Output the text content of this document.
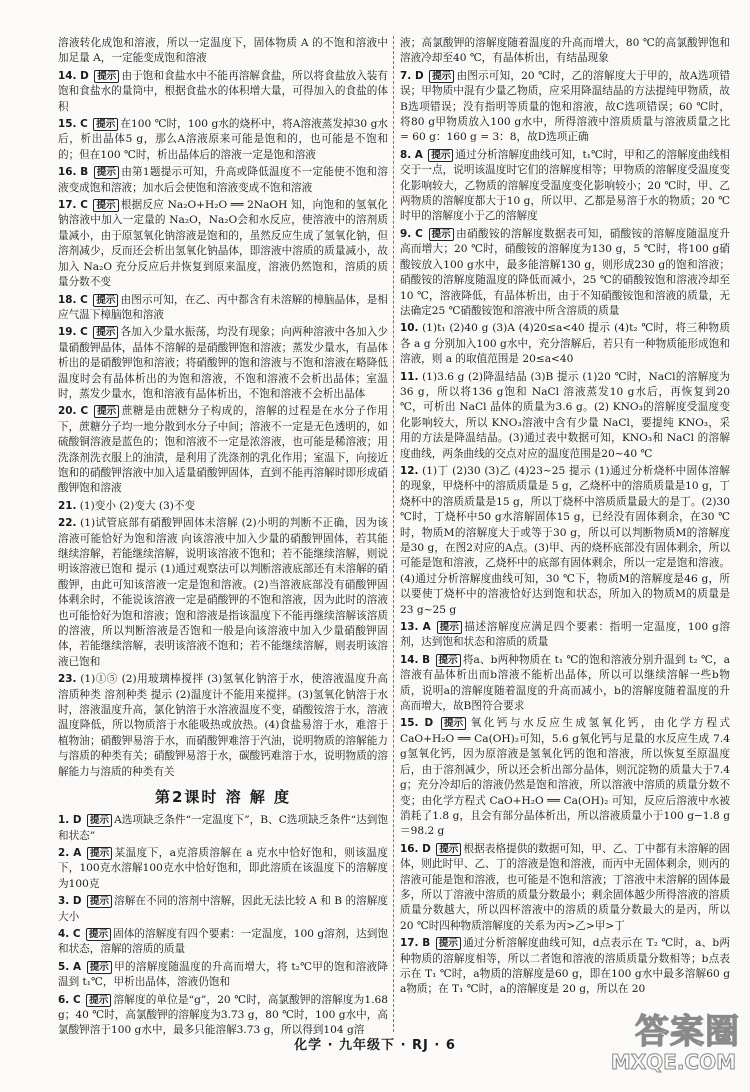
溶液转化成饱和溶液，所以一定温度下，固体物质 A 的不饱和溶液中加足量 A，一定能变成饱和溶液
14. D 提示 由于饱和食盐水中不能再溶解食盐，所以将食盐放入装有饱和食盐水的量筒中，根据食盐水的体积增大量，可得加入的食盐的体积
15. C 提示 在100 ℃时，100 g水的烧杯中，将A溶液蒸发掉30 g水后，析出晶体5 g，那么A溶液原来可能是饱和的，也可能是不饱和的；但在100 ℃时，析出晶体后的溶液一定是饱和溶液
16. B 提示 由第1题提示可知，升高或降低温度不一定能使不饱和溶液变成饱和溶液；加水后会使饱和溶液变成不饱和溶液
17. C 提示 根据反应 Na₂O+H₂O ══ 2NaOH 知，向饱和的氢氧化钠溶液中加入一定量的 Na₂O，Na₂O会和水反应，使溶液中的溶剂质量减小，由于原氢氧化钠溶液是饱和的，虽然反应生成了氢氧化钠，但溶剂减少，反而还会析出氢氧化钠晶体，即溶液中溶质的质量减小，故加入 Na₂O 充分反应后并恢复到原来温度，溶液仍然饱和，溶质的质量分数不变
18. C 提示 由图示可知，在乙、丙中都含有未溶解的樟脑晶体，是相应气温下樟脑饱和溶液
19. C 提示 各加入少量水振荡，均没有现象；向两种溶液中各加入少量硝酸钾晶体，晶体不溶解的是硝酸钾饱和溶液；蒸发少量水，有晶体析出的是硝酸钾饱和溶液；将硝酸钾的饱和溶液与不饱和溶液在略降低温度时会有晶体析出的为饱和溶液，不饱和溶液不会析出晶体；室温时，蒸发少量水，饱和溶液有晶体析出，不饱和溶液不会析出晶体
20. C 提示 蔗糖是由蔗糖分子构成的，溶解的过程是在水分子作用下，蔗糖分子均一地分散到水分子中间；溶液不一定是无色透明的，如硫酸铜溶液是蓝色的；饱和溶液不一定是浓溶液，也可能是稀溶液；用洗涤剂洗衣服上的油渍，是利用了洗涤剂的乳化作用；室温下，向接近饱和的硝酸钾溶液中加入适量硝酸钾固体，直到不能再溶解时即形成硝酸钾饱和溶液
21. (1)变小 (2)变大 (3)不变
22. (1)试管底部有硝酸钾固体未溶解 (2)小明的判断不正确，因为该溶液可能恰好为饱和溶液 向该溶液中加入少量的硝酸钾固体，若其能继续溶解，若能继续溶解，说明该溶液不饱和；若不能继续溶解，则说明该溶液已饱和 提示 (1)通过观察法可以判断溶液底部还有未溶解的硝酸钾，由此可知该溶液一定是饱和溶液。(2)当溶液底部没有硝酸钾固体剩余时，不能说该溶液一定是硝酸钾的不饱和溶液，因为此时的溶液也可能恰好为饱和溶液；饱和溶液是指该温度下不能再继续溶解该溶质的溶液，所以判断溶液是否饱和一般是向该溶液中加入少量硝酸钾固体，若能继续溶解，表明该溶液不饱和；若不能继续溶解，则表明该溶液已饱和
23. (1)①⑤ (2)用玻璃棒搅拌 (3)氢氧化钠溶于水，使溶液温度升高 溶质种类 溶剂种类 提示 (2)温度计不能用来搅拌。(3)氢氧化钠溶于水时，溶液温度升高，氯化钠溶于水溶液温度不变，硝酸铵溶于水，溶液温度降低，所以物质溶于水能吸热或放热。(4)食盐易溶于水，难溶于植物油；硝酸钾易溶于水，而硝酸钾难溶于汽油，说明物质的溶解能力与溶质的种类有关；硝酸钾易溶于水，碳酸钙难溶于水，说明物质的溶解能力与溶质的种类有关
第2课时 溶 解 度
1. D 提示 A选项缺乏条件“一定温度下”，B、C选项缺乏条件“达到饱和状态”
2. A 提示 某温度下，a克溶质溶解在 a 克水中恰好饱和，则该温度下，100克水溶解100克水中恰好饱和，即此溶质在该温度下的溶解度为100克
3. D 提示 溶解在不同的溶剂中溶解，因此无法比较 A 和 B 的溶解度大小
4. C 提示 固体的溶解度有四个要素：一定温度，100 g溶剂，达到饱和状态，溶解的溶质的质量
5. A 提示 甲的溶解度随温度的升高而增大，将 t₂℃甲的饱和溶液降温到 t₁℃，甲析出晶体，溶液仍饱和
6. C 提示 溶解度的单位是“g”，20 ℃时，高氯酸钾的溶解度为1.68 g；40 ℃时，高氯酸钾的溶解度为3.73 g，80 ℃时，100 g水中，高氯酸钾溶于100 g水中，最多只能溶解3.73 g，所以得到104 g溶
液；高氯酸钾的溶解度随着温度的升高而增大，80 ℃的高氯酸钾饱和溶液冷却至40 ℃，有晶体析出，有结晶现象
7. D 提示 由图示可知，20 ℃时，乙的溶解度大于甲的，故A选项错误；甲物质中混有少量乙物质，应采用降温结晶的方法提纯甲物质，故B选项错误；没有指明等质量的饱和溶液，故C选项错误；60 ℃时，将80 g甲物质放入100 g水中，所得溶液中溶质质量与溶液质量之比 = 60 g：160 g = 3：8，故D选项正确
8. A 提示 通过分析溶解度曲线可知，t₁℃时，甲和乙的溶解度曲线相交于一点，说明该温度时它们的溶解度相等；甲物质的溶解度受温度变化影响较大，乙物质的溶解度受温度变化影响较小；20 ℃时，甲、乙两物质的溶解度都大于10 g，所以甲、乙都是易溶于水的物质；20 ℃时甲的溶解度小于乙的溶解度
9. C 提示 由硝酸铵的溶解度数据表可知，硝酸铵的溶解度随温度升高而增大；20 ℃时，硝酸铵的溶解度为130 g，5 ℃时，将100 g硝酸铵放入100 g水中，最多能溶解130 g，则形成230 g的饱和溶液；硝酸铵的溶解度随温度的降低而减小，25 ℃的硝酸铵饱和溶液冷却至10 ℃，溶液降低，有晶体析出，由于不知硝酸铵饱和溶液的质量，无法确定25 ℃硝酸铵饱和溶液中所含溶质的质量
10. (1)t₁ (2)40 g (3)A (4)20≤a<40 提示 (4)t₂ ℃时，将三种物质各 a g 分别加入100 g水中，充分溶解后，若只有一种物质能形成饱和溶液，则 a 的取值范围是 20≤a<40
11. (1)3.6 g (2)降温结晶 (3)B 提示 (1)20 ℃时，NaCl的溶解度为36 g，所以将136 g饱和 NaCl 溶液蒸发10 g水后，再恢复到20 ℃，可析出 NaCl 晶体的质量为3.6 g。(2) KNO₃的溶解度受温度变化影响较大，所以 KNO₃溶液中含有少量 NaCl，要提纯 KNO₃，采用的方法是降温结晶。(3)通过表中数据可知，KNO₃和 NaCl 的溶解度曲线，两条曲线的交点对应的温度范围是20~40 ℃
12. (1)丁 (2)30 (3)乙 (4)23~25 提示 (1)通过分析烧杯中固体溶解的现象，甲烧杯中的溶质质量是 5 g，乙烧杯中的溶质质量是10 g，丁烧杯中的溶质质量是15 g，所以丁烧杯中溶质质量最大的是丁。(2)30 ℃时，丁烧杯中50 g水溶解固体15 g，已经没有固体剩余，在30 ℃时，物质M的溶解度大于或等于30 g，所以可以判断物质M的溶解度是30 g，在图2对应的A点。(3)甲、丙的烧杯底部没有固体剩余，所以可能是饱和溶液，乙烧杯中的底部有固体剩余，所以一定是饱和溶液。(4)通过分析溶解度曲线可知，30 ℃下，物质M的溶解度是46 g，所以要使丁烧杯中的溶液恰好达到饱和状态，所加入的物质M的质量是23 g~25 g
13. A 提示 描述溶解度应满足四个要素：指明一定温度，100 g溶剂，达到饱和状态和溶质的质量
14. B 提示 将a、b两种物质在 t₁ ℃的饱和溶液分别升温到 t₂ ℃，a溶液有晶体析出而b溶液不能析出晶体，所以可以继续溶解一些b物质，说明a的溶解度随着温度的升高而减小，b的溶解度随着温度的升高而增大，故B图符合要求
15. D 提示 氧化钙与水反应生成氢氧化钙，由化学方程式 CaO+H₂O ══ Ca(OH)₂可知，5.6 g氧化钙与足量的水反应生成 7.4 g氢氧化钙，因为原溶液是氢氧化钙的饱和溶液，所以恢复至原温度后，由于溶剂减少，所以还会析出部分晶体，则沉淀物的质量大于7.4 g；充分冷却后的溶液仍然是饱和溶液，所以溶液中溶质的质量分数不变；由化学方程式 CaO+H₂O ══ Ca(OH)₂ 可知，反应后溶液中水被消耗了1.8 g，且会有部分晶体析出，所以溶液质量小于100 g−1.8 g＝98.2 g
16. D 提示 根据表格提供的数据可知，甲、乙、丁中都有未溶解的固体，则此时甲、乙、丁的溶液是饱和溶液，而丙中无固体剩余，则丙的溶液可能是饱和溶液，也可能是不饱和溶液；丁溶液中未溶解的固体最多，所以丁溶液中溶质的质量分数最小；剩余固体越少所得溶液的溶质质量分数越大，所以四杯溶液中的溶质的质量分数最大的是丙，所以20 ℃时四种物质溶解度的关系为丙>乙>甲>丁
17. B 提示 通过分析溶解度曲线可知，d点表示在 T₂ ℃时，a、b两种物质的溶解度相等，所以二者饱和溶液的溶质质量分数相等；b点表示在 T₁ ℃时，a物质的溶解度是60 g，即在100 g水中最多溶解60 g a物质；在 T₁ ℃时，a的溶解度是 20 g，所以在 20
化学 · 九年级下 · RJ · 6	答案圈
MXQE.COM
